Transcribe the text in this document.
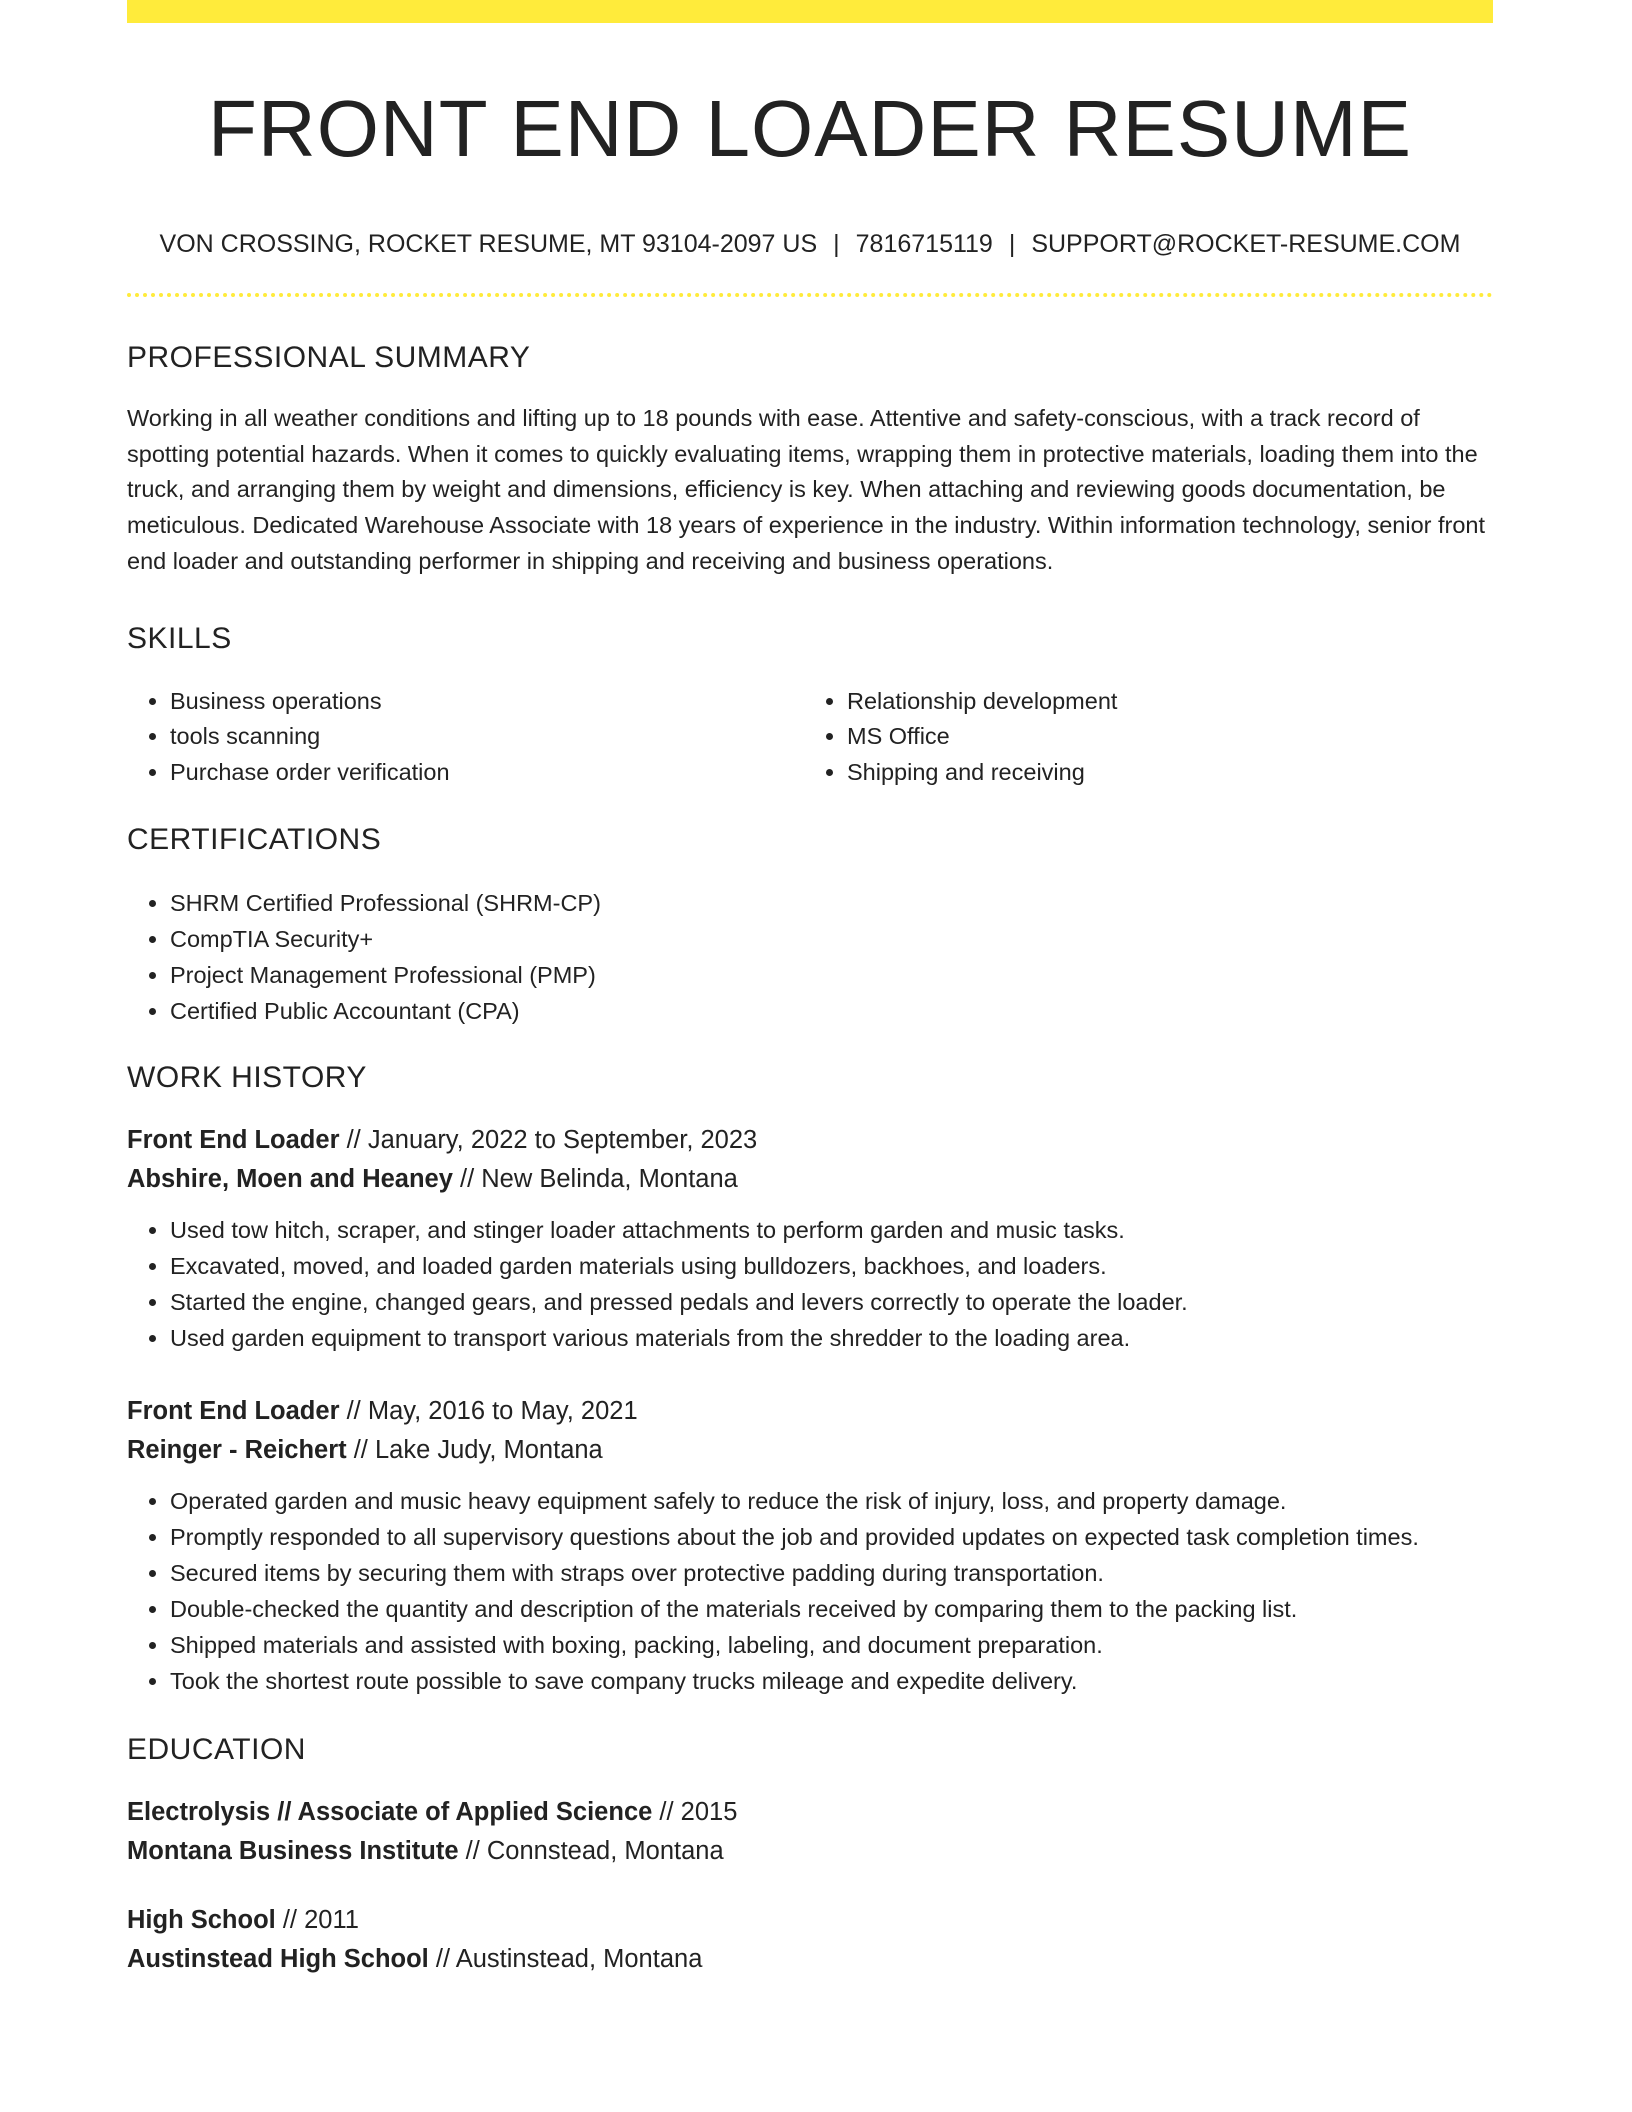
FRONT END LOADER RESUME
VON CROSSING, ROCKET RESUME, MT 93104-2097 US | 7816715119 | SUPPORT@ROCKET-RESUME.COM
PROFESSIONAL SUMMARY
Working in all weather conditions and lifting up to 18 pounds with ease. Attentive and safety-conscious, with a track record of spotting potential hazards. When it comes to quickly evaluating items, wrapping them in protective materials, loading them into the truck, and arranging them by weight and dimensions, efficiency is key. When attaching and reviewing goods documentation, be meticulous. Dedicated Warehouse Associate with 18 years of experience in the industry. Within information technology, senior front end loader and outstanding performer in shipping and receiving and business operations.
SKILLS
• Business operations
• tools scanning
• Purchase order verification
• Relationship development
• MS Office
• Shipping and receiving
CERTIFICATIONS
• SHRM Certified Professional (SHRM-CP)
• CompTIA Security+
• Project Management Professional (PMP)
• Certified Public Accountant (CPA)
WORK HISTORY
Front End Loader // January, 2022 to September, 2023
Abshire, Moen and Heaney // New Belinda, Montana
• Used tow hitch, scraper, and stinger loader attachments to perform garden and music tasks.
• Excavated, moved, and loaded garden materials using bulldozers, backhoes, and loaders.
• Started the engine, changed gears, and pressed pedals and levers correctly to operate the loader.
• Used garden equipment to transport various materials from the shredder to the loading area.
Front End Loader // May, 2016 to May, 2021
Reinger - Reichert // Lake Judy, Montana
• Operated garden and music heavy equipment safely to reduce the risk of injury, loss, and property damage.
• Promptly responded to all supervisory questions about the job and provided updates on expected task completion times.
• Secured items by securing them with straps over protective padding during transportation.
• Double-checked the quantity and description of the materials received by comparing them to the packing list.
• Shipped materials and assisted with boxing, packing, labeling, and document preparation.
• Took the shortest route possible to save company trucks mileage and expedite delivery.
EDUCATION
Electrolysis // Associate of Applied Science // 2015
Montana Business Institute // Connstead, Montana
High School // 2011
Austinstead High School // Austinstead, Montana
